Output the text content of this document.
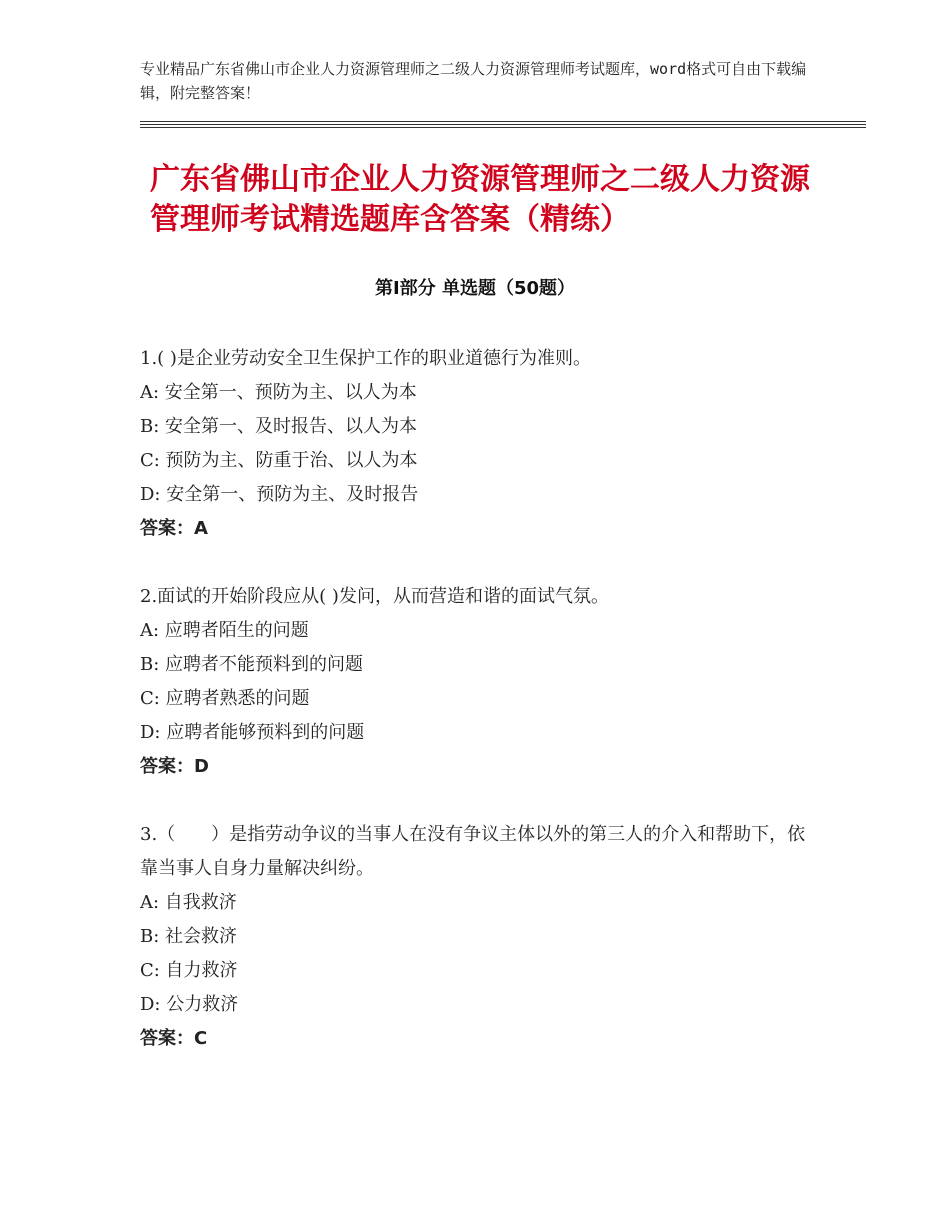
专业精品广东省佛山市企业人力资源管理师之二级人力资源管理师考试题库，word格式可自由下载编辑，附完整答案！
广东省佛山市企业人力资源管理师之二级人力资源管理师考试精选题库含答案（精练）
第Ⅰ部分 单选题（50题）
1.( )是企业劳动安全卫生保护工作的职业道德行为准则。
A: 安全第一、预防为主、以人为本
B: 安全第一、及时报告、以人为本
C: 预防为主、防重于治、以人为本
D: 安全第一、预防为主、及时报告
答案：A
2.面试的开始阶段应从( )发问，从而营造和谐的面试气氛。
A: 应聘者陌生的问题
B: 应聘者不能预料到的问题
C: 应聘者熟悉的问题
D: 应聘者能够预料到的问题
答案：D
3.（　　）是指劳动争议的当事人在没有争议主体以外的第三人的介入和帮助下，依靠当事人自身力量解决纠纷。
A: 自我救济
B: 社会救济
C: 自力救济
D: 公力救济
答案：C
